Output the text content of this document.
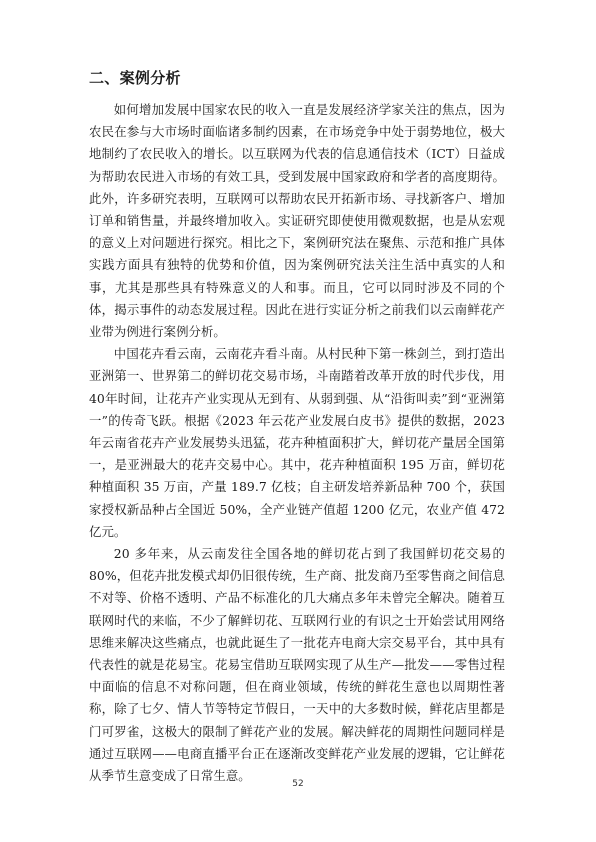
二、案例分析

如何增加发展中国家农民的收入一直是发展经济学家关注的焦点，因为农民在参与大市场时面临诸多制约因素，在市场竞争中处于弱势地位，极大地制约了农民收入的增长。以互联网为代表的信息通信技术（ICT）日益成为帮助农民进入市场的有效工具，受到发展中国家政府和学者的高度期待。此外，许多研究表明，互联网可以帮助农民开拓新市场、寻找新客户、增加订单和销售量，并最终增加收入。实证研究即使使用微观数据，也是从宏观的意义上对问题进行探究。相比之下，案例研究法在聚焦、示范和推广具体实践方面具有独特的优势和价值，因为案例研究法关注生活中真实的人和事，尤其是那些具有特殊意义的人和事。而且，它可以同时涉及不同的个体，揭示事件的动态发展过程。因此在进行实证分析之前我们以云南鲜花产业带为例进行案例分析。

中国花卉看云南，云南花卉看斗南。从村民种下第一株剑兰，到打造出亚洲第一、世界第二的鲜切花交易市场，斗南踏着改革开放的时代步伐，用 40年时间，让花卉产业实现从无到有、从弱到强、从“沿街叫卖”到“亚洲第一”的传奇飞跃。根据《2023 年云花产业发展白皮书》提供的数据，2023 年云南省花卉产业发展势头迅猛，花卉种植面积扩大，鲜切花产量居全国第一，是亚洲最大的花卉交易中心。其中，花卉种植面积 195 万亩，鲜切花种植面积 35 万亩，产量 189.7 亿枝；自主研发培养新品种 700 个，获国家授权新品种占全国近 50%，全产业链产值超 1200 亿元，农业产值 472 亿元。

20 多年来，从云南发往全国各地的鲜切花占到了我国鲜切花交易的 80%，但花卉批发模式却仍旧很传统，生产商、批发商乃至零售商之间信息不对等、价格不透明、产品不标准化的几大痛点多年未曾完全解决。随着互联网时代的来临，不少了解鲜切花、互联网行业的有识之士开始尝试用网络思维来解决这些痛点，也就此诞生了一批花卉电商大宗交易平台，其中具有代表性的就是花易宝。花易宝借助互联网实现了从生产—批发——零售过程中面临的信息不对称问题，但在商业领域，传统的鲜花生意也以周期性著称，除了七夕、情人节等特定节假日，一天中的大多数时候，鲜花店里都是门可罗雀，这极大的限制了鲜花产业的发展。解决鲜花的周期性问题同样是通过互联网——电商直播平台正在逐渐改变鲜花产业发展的逻辑，它让鲜花从季节生意变成了日常生意。

52
